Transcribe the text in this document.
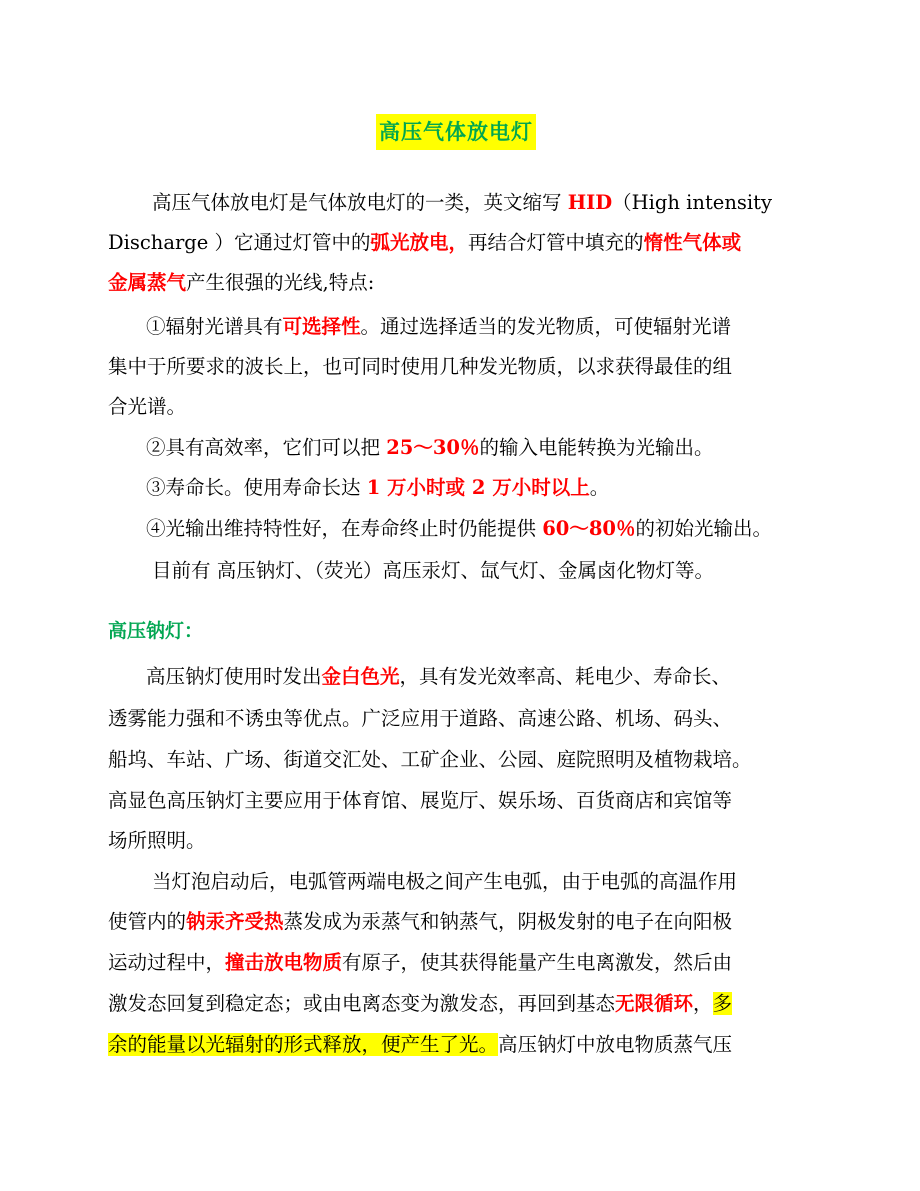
高压气体放电灯
高压气体放电灯是气体放电灯的一类，英文缩写 HID（High intensity
Discharge ）它通过灯管中的弧光放电，再结合灯管中填充的惰性气体或
金属蒸气产生很强的光线,特点:
①辐射光谱具有可选择性。通过选择适当的发光物质，可使辐射光谱
集中于所要求的波长上，也可同时使用几种发光物质，以求获得最佳的组
合光谱。
②具有高效率，它们可以把 25～30％的输入电能转换为光输出。
③寿命长。使用寿命长达 1 万小时或 2 万小时以上。
④光输出维持特性好，在寿命终止时仍能提供 60～80％的初始光输出。
目前有 高压钠灯、（荧光）高压汞灯、氙气灯、金属卤化物灯等。
高压钠灯：
高压钠灯使用时发出金白色光，具有发光效率高、耗电少、寿命长、
透雾能力强和不诱虫等优点。广泛应用于道路、高速公路、机场、码头、
船坞、车站、广场、街道交汇处、工矿企业、公园、庭院照明及植物栽培。
高显色高压钠灯主要应用于体育馆、展览厅、娱乐场、百货商店和宾馆等
场所照明。
当灯泡启动后，电弧管两端电极之间产生电弧，由于电弧的高温作用
使管内的钠汞齐受热蒸发成为汞蒸气和钠蒸气，阴极发射的电子在向阳极
运动过程中，撞击放电物质有原子，使其获得能量产生电离激发，然后由
激发态回复到稳定态；或由电离态变为激发态，再回到基态无限循环，多
余的能量以光辐射的形式释放，便产生了光。高压钠灯中放电物质蒸气压
